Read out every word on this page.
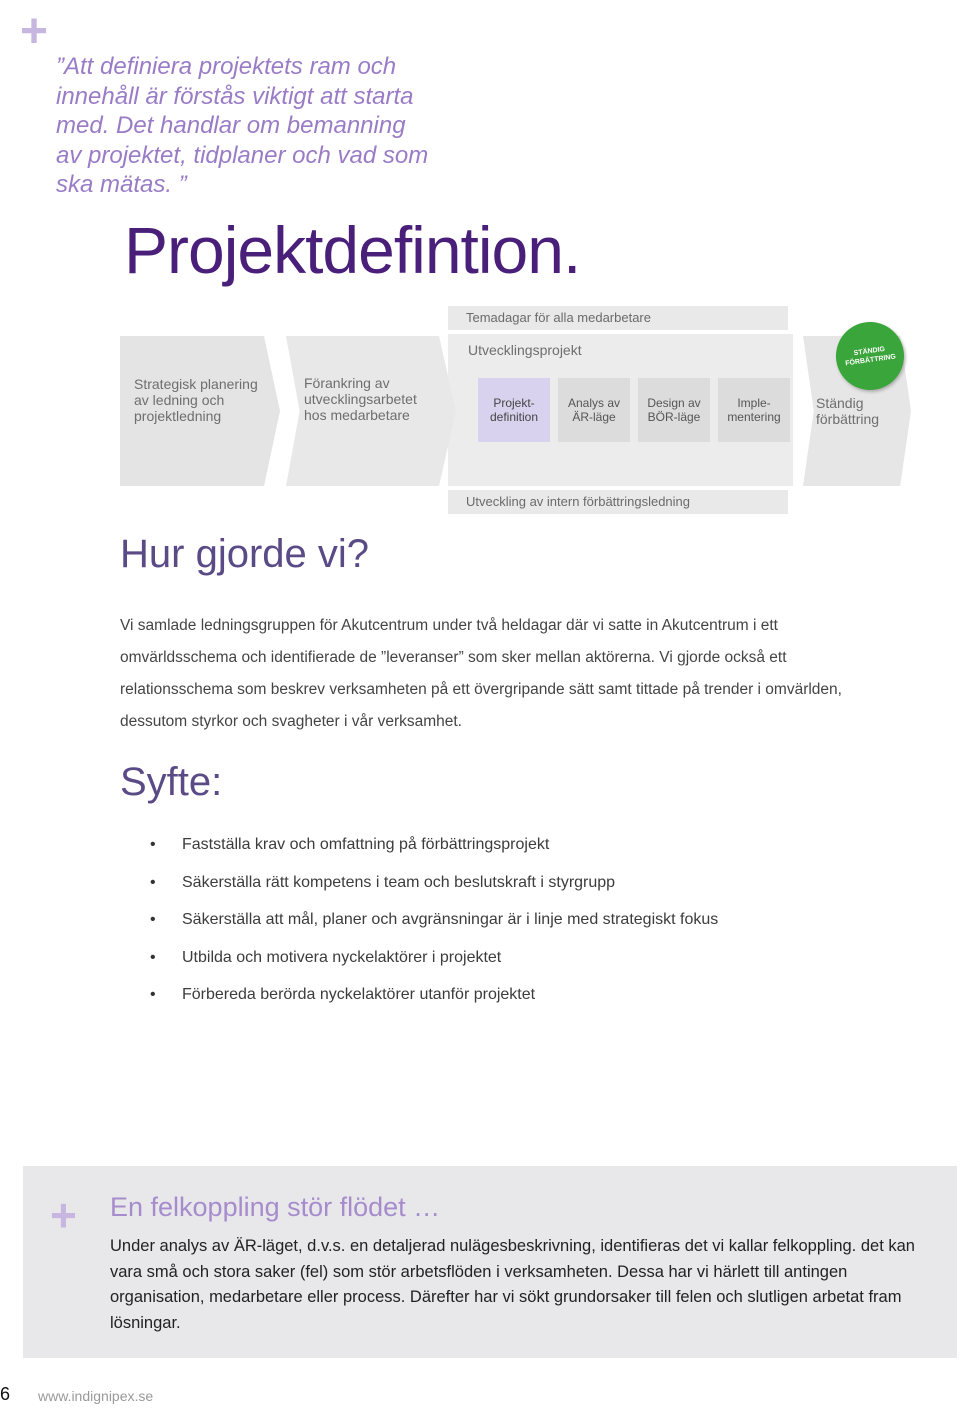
+
”Att definiera projektets ram och innehåll är förstås viktigt att starta med. Det handlar om bemanning av projektet, tidplaner och vad som ska mätas. ”
Projektdefintion.
Temadagar för alla medarbetare
Utvecklingsprojekt
Strategisk planering av ledning och projektledning
Förankring av utvecklingsarbetet hos medarbetare
Projekt-definition
Analys av ÄR-läge
Design av BÖR-läge
Imple-mentering
Ständig förbättring
STÄNDIG FÖRBÄTTRING
Utveckling av intern förbättringsledning
Hur gjorde vi?
Vi samlade ledningsgruppen för Akutcentrum under två heldagar där vi satte in Akutcentrum i ett omvärldsschema och identifierade de ”leveranser” som sker mellan aktörerna. Vi gjorde också ett relationsschema som beskrev verksamheten på ett övergripande sätt samt tittade på trender i omvärlden, dessutom styrkor och svagheter i vår verksamhet.
Syfte:
• Fastställa krav och omfattning på förbättringsprojekt
• Säkerställa rätt kompetens i team och beslutskraft i styrgrupp
• Säkerställa att mål, planer och avgränsningar är i linje med strategiskt fokus
• Utbilda och motivera nyckelaktörer i projektet
• Förbereda berörda nyckelaktörer utanför projektet
+ En felkoppling stör flödet …
Under analys av ÄR-läget, d.v.s. en detaljerad nulägesbeskrivning, identifieras det vi kallar felkoppling. det kan vara små och stora saker (fel) som stör arbetsflöden i verksamheten. Dessa har vi härlett till antingen organisation, medarbetare eller process. Därefter har vi sökt grundorsaker till felen och slutligen arbetat fram lösningar.
6 www.indignipex.se
